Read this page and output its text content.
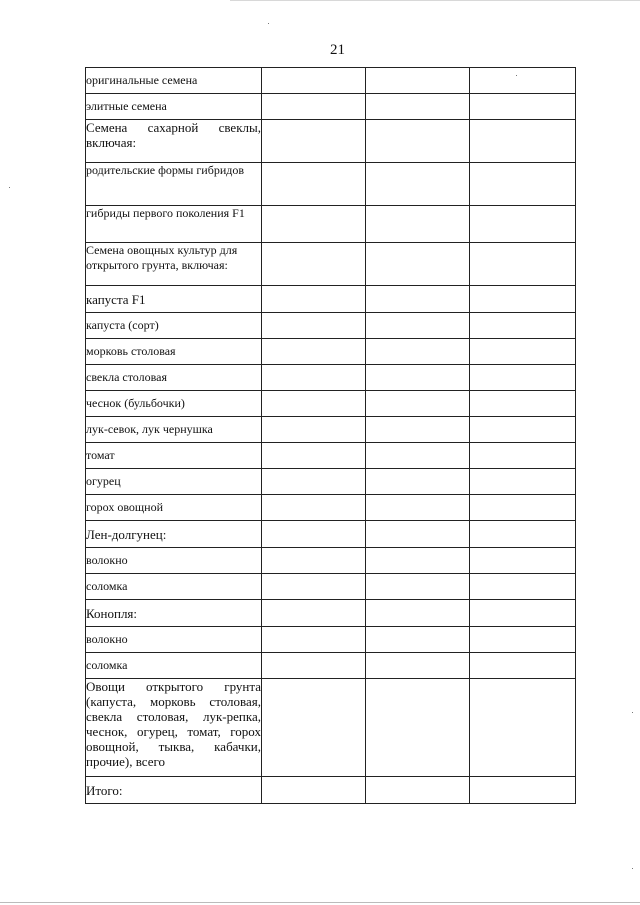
21
оригинальные семена			
элитные семена			
Семена сахарной свеклы, включая:			
родительские формы гибридов			
гибриды первого поколения F1			
Семена овощных культур для открытого грунта, включая:			
капуста F1			
капуста (сорт)			
морковь столовая			
свекла столовая			
чеснок (бульбочки)			
лук-севок, лук чернушка			
томат			
огурец			
горох овощной			
Лен-долгунец:			
волокно			
соломка			
Конопля:			
волокно			
соломка			
Овощи открытого грунта (капуста, морковь столовая, свекла столовая, лук-репка, чеснок, огурец, томат, горох овощной, тыква, кабачки, прочие), всего			
Итого:			
